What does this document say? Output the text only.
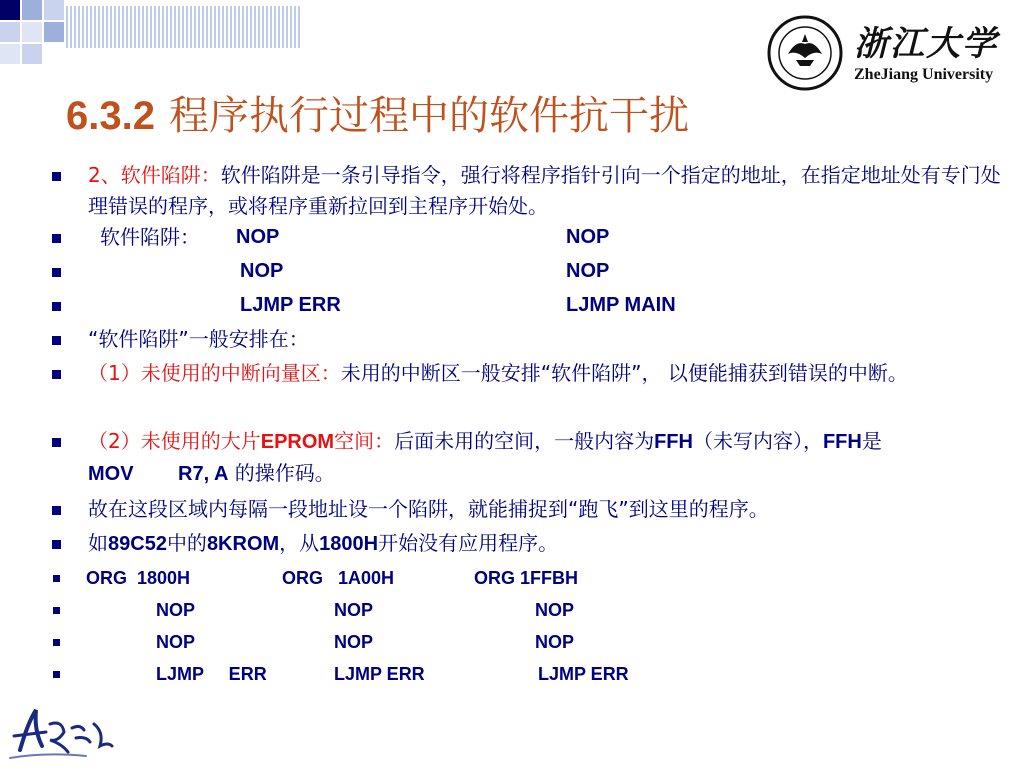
浙江大学
ZheJiang University
6.3.2 程序执行过程中的软件抗干扰
2、软件陷阱：软件陷阱是一条引导指令，强行将程序指针引向一个指定的地址，在指定地址处有专门处理错误的程序，或将程序重新拉回到主程序开始处。
软件陷阱： NOP	NOP
NOP	NOP
LJMP ERR	LJMP MAIN
“软件陷阱”一般安排在：
（1）未使用的中断向量区：未用的中断区一般安排“软件陷阱”， 以便能捕获到错误的中断。
（2）未使用的大片EPROM空间：后面未用的空间，一般内容为FFH（未写内容），FFH是MOV        R7, A 的操作码。
故在这段区域内每隔一段地址设一个陷阱，就能捕捉到“跑飞”到这里的程序。
如89C52中的8KROM，从1800H开始没有应用程序。
ORG  1800H	ORG   1A00H	ORG 1FFBH
NOP	NOP	NOP
NOP	NOP	NOP
LJMP     ERR	LJMP ERR	LJMP ERR
